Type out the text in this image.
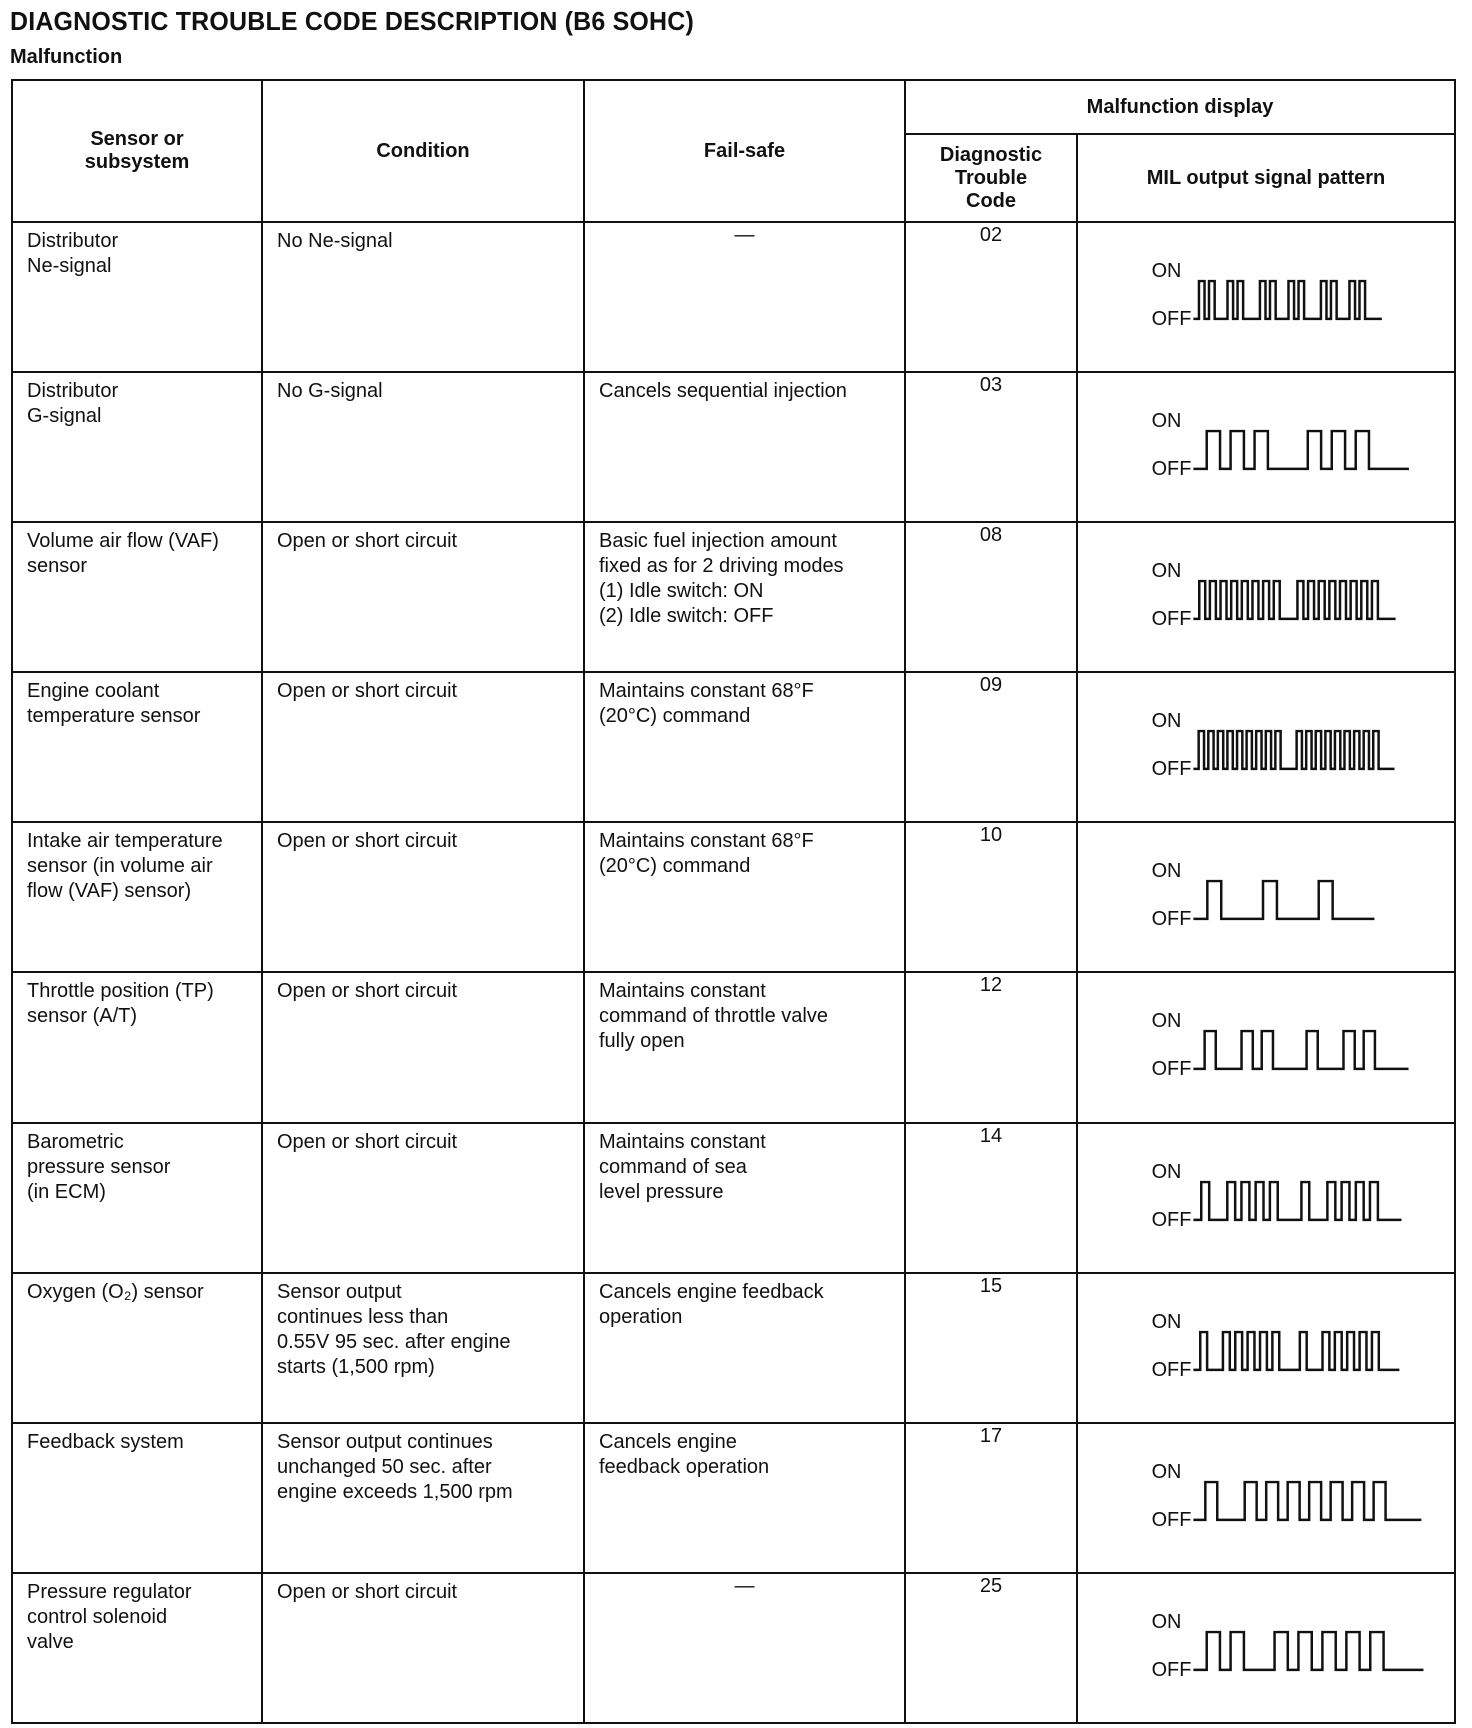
DIAGNOSTIC TROUBLE CODE DESCRIPTION (B6 SOHC)
Malfunction
Sensor or
subsystem	Condition	Fail-safe	Malfunction display	

			Diagnostic
Trouble
Code	MIL output signal pattern

Distributor
Ne-signal	No Ne-signal	—	02	ON
OFF

Distributor
G-signal	No G-signal	Cancels sequential injection	03	ON
OFF

Volume air flow (VAF)
sensor	Open or short circuit	Basic fuel injection amount
fixed as for 2 driving modes
(1) Idle switch: ON
(2) Idle switch: OFF	08	ON
OFF

Engine coolant
temperature sensor	Open or short circuit	Maintains constant 68°F
(20°C) command	09	ON
OFF

Intake air temperature
sensor (in volume air
flow (VAF) sensor)	Open or short circuit	Maintains constant 68°F
(20°C) command	10	ON
OFF

Throttle position (TP)
sensor (A/T)	Open or short circuit	Maintains constant
command of throttle valve
fully open	12	ON
OFF

Barometric
pressure sensor
(in ECM)	Open or short circuit	Maintains constant
command of sea
level pressure	14	ON
OFF

Oxygen (O₂) sensor	Sensor output
continues less than
0.55V 95 sec. after engine
starts (1,500 rpm)	Cancels engine feedback
operation	15	ON
OFF

Feedback system	Sensor output continues
unchanged 50 sec. after
engine exceeds 1,500 rpm	Cancels engine
feedback operation	17	ON
OFF

Pressure regulator
control solenoid
valve	Open or short circuit	—	25	ON
OFF
